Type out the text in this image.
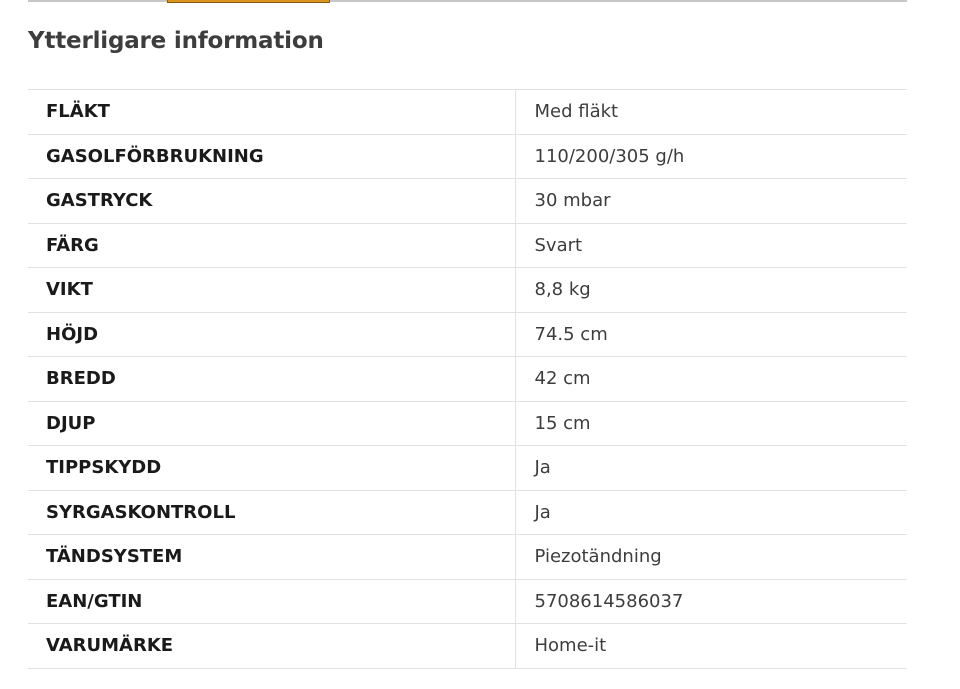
Ytterligare information
FLÄKT	Med fläkt
GASOLFÖRBRUKNING	110/200/305 g/h
GASTRYCK	30 mbar
FÄRG	Svart
VIKT	8,8 kg
HÖJD	74.5 cm
BREDD	42 cm
DJUP	15 cm
TIPPSKYDD	Ja
SYRGASKONTROLL	Ja
TÄNDSYSTEM	Piezotändning
EAN/GTIN	5708614586037
VARUMÄRKE	Home-it
